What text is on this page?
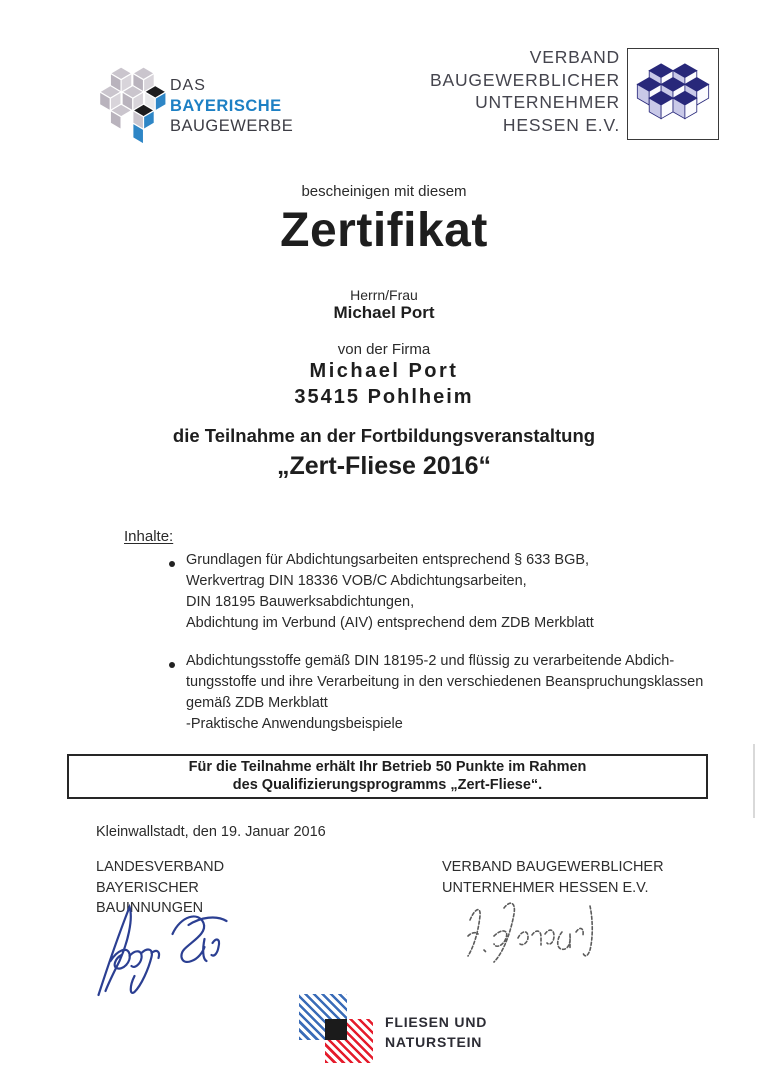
DAS
BAYERISCHE
BAUGEWERBE
VERBAND
BAUGEWERBLICHER
UNTERNEHMER
HESSEN E.V.
bescheinigen mit diesem
Zertifikat
Herrn/Frau
Michael Port
von der Firma
Michael Port
35415 Pohlheim
die Teilnahme an der Fortbildungsveranstaltung
„Zert-Fliese 2016“
Inhalte:
Grundlagen für Abdichtungsarbeiten entsprechend § 633 BGB,
Werkvertrag DIN 18336 VOB/C Abdichtungsarbeiten,
DIN 18195 Bauwerksabdichtungen,
Abdichtung im Verbund (AIV) entsprechend dem ZDB Merkblatt
Abdichtungsstoffe gemäß DIN 18195-2 und flüssig zu verarbeitende Abdich-
tungsstoffe und ihre Verarbeitung in den verschiedenen Beanspruchungsklassen
gemäß ZDB Merkblatt
-Praktische Anwendungsbeispiele
Für die Teilnahme erhält Ihr Betrieb 50 Punkte im Rahmen
des Qualifizierungsprogramms „Zert-Fliese“.
Kleinwallstadt, den 19. Januar 2016
LANDESVERBAND
BAYERISCHER
BAUINNUNGEN
VERBAND BAUGEWERBLICHER
UNTERNEHMER HESSEN E.V.
FLIESEN UND
NATURSTEIN
